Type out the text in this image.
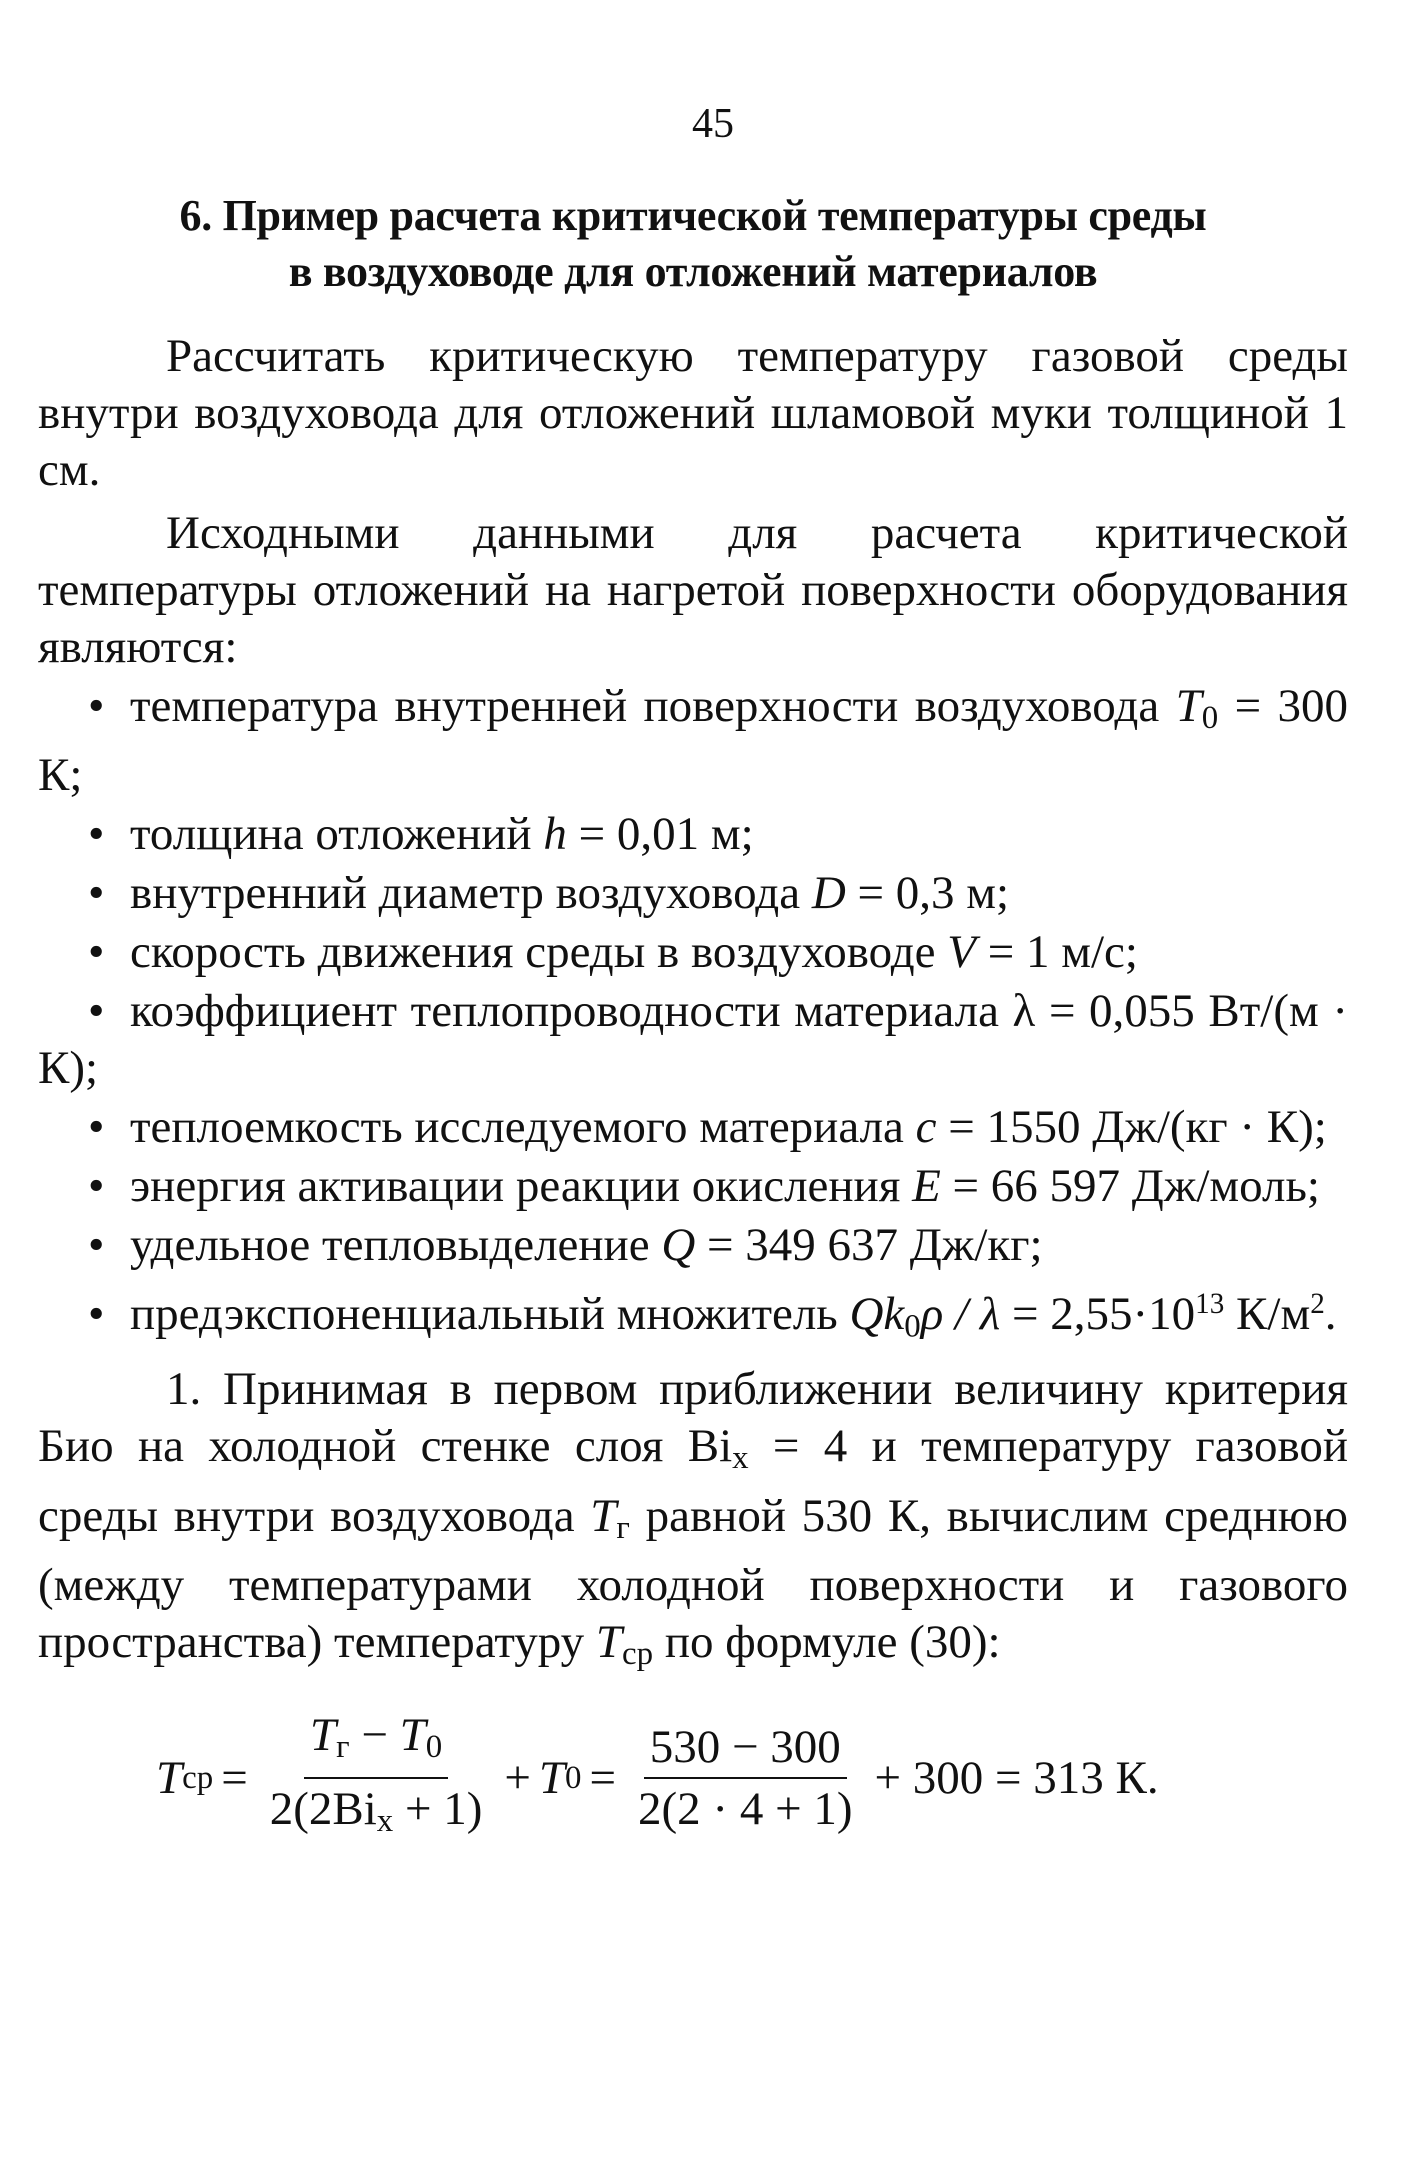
45
6. Пример расчета критической температуры среды
в воздуховоде для отложений материалов

Рассчитать критическую температуру газовой среды внутри воздуховода для отложений шламовой муки толщиной 1 см.

Исходными данными для расчета критической температуры отложений на нагретой поверхности оборудования являются:

• температура внутренней поверхности воздуховода $T_0 = 300$ К;
• толщина отложений h = 0,01 м;
• внутренний диаметр воздуховода D = 0,3 м;
• скорость движения среды в воздуховоде V = 1 м/с;
• коэффициент теплопроводности материала λ = 0,055 Вт/(м · К);
• теплоемкость исследуемого материала c = 1550 Дж/(кг · К);
• энергия активации реакции окисления E = 66 597 Дж/моль;
• удельное тепловыделение Q = 349 637 Дж/кг;
• предэкспоненциальный множитель $Qk_0\rho / \lambda = 2,55\cdot 10^{13}$ $К/м^2$.

1. Принимая в первом приближении величину критерия Био на холодной стенке слоя $Bi_x = 4$ и температуру газовой среды внутри воздуховода $T_г$ равной 530 К, вычислим среднюю (между температурами холодной поверхности и газового пространства) температуру $T_{ср}$ по формуле (30):

T ср = $\frac{T_г - T_0}{2(2Bi_x + 1)} + T$ $0 = \frac{530 - 300}{2(2 \cdot 4 + 1)} + 300 = 313$ К.
